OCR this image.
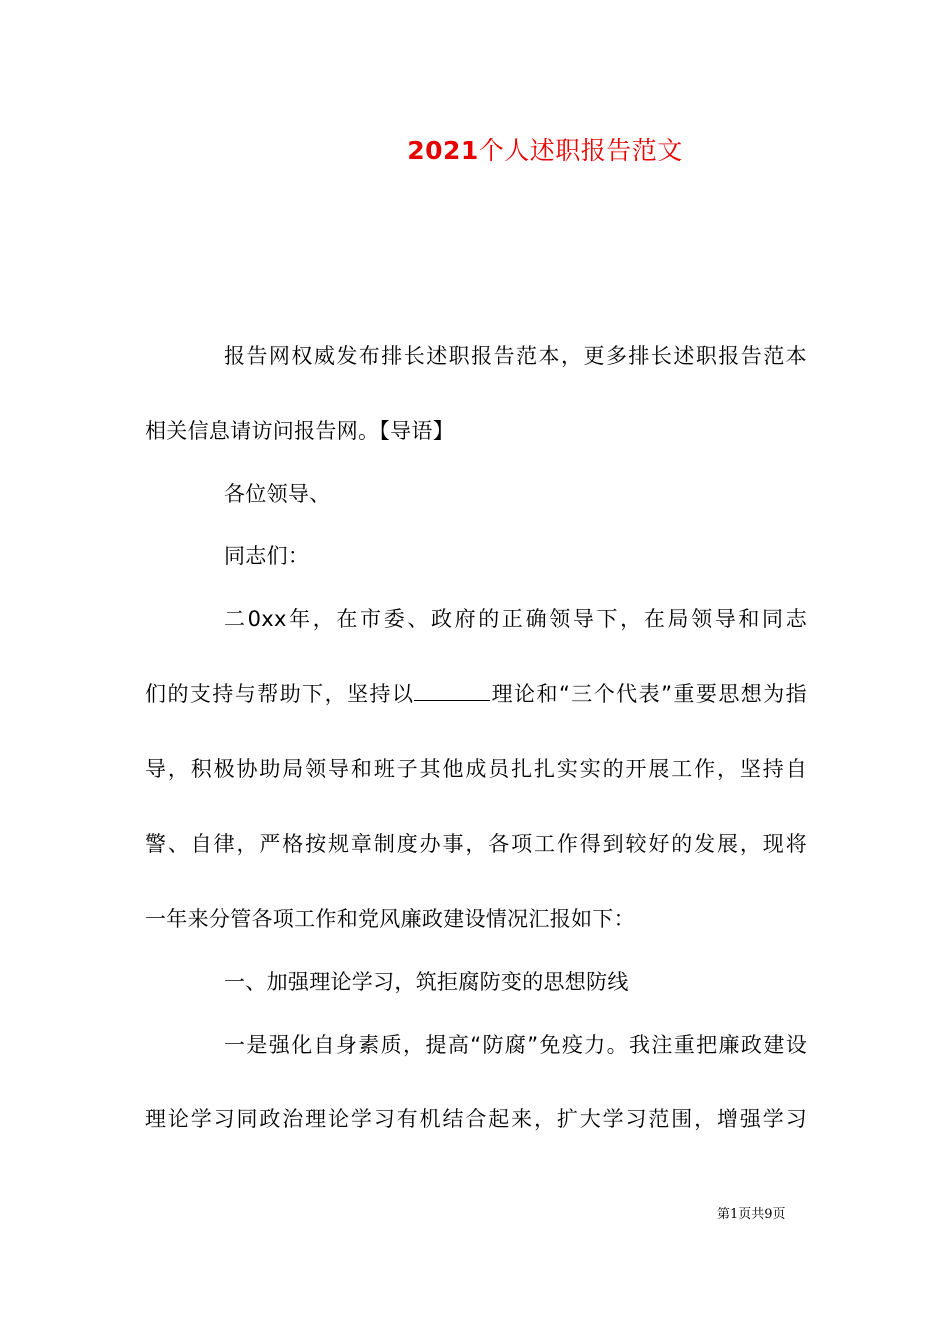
2021个人述职报告范文
报告网权威发布排长述职报告范本，更多排长述职报告范本
相关信息请访问报告网。【导语】
各位领导、
同志们：
二0xx年，在市委、政府的正确领导下，在局领导和同志
们的支持与帮助下，坚持以	理论和“三个代表”重要思想为指
导，积极协助局领导和班子其他成员扎扎实实的开展工作，坚持自
警、自律，严格按规章制度办事，各项工作得到较好的发展，现将
一年来分管各项工作和党风廉政建设情况汇报如下：
一、加强理论学习，筑拒腐防变的思想防线
一是强化自身素质，提高“防腐”免疫力。我注重把廉政建设
理论学习同政治理论学习有机结合起来，扩大学习范围，增强学习
第1页共9页
